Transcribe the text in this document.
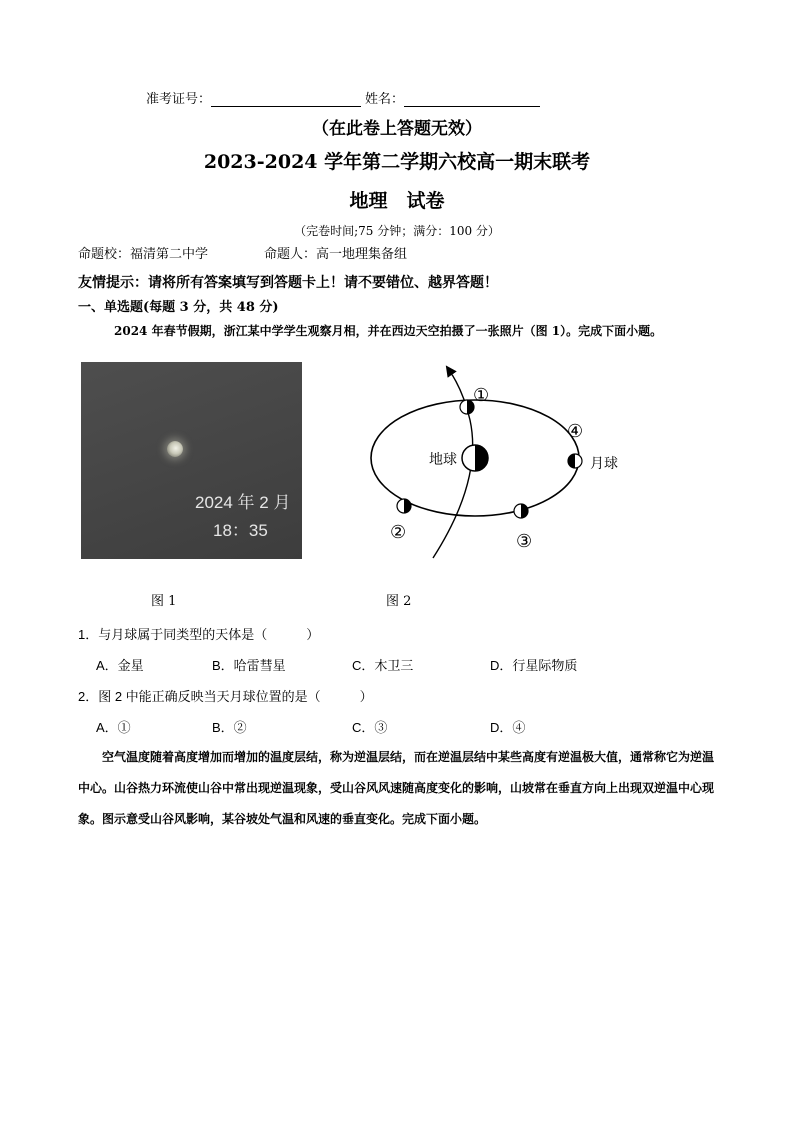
准考证号：	姓名：
（在此卷上答题无效）
2023-2024 学年第二学期六校高一期末联考
地理　试卷
（完卷时间;75 分钟；满分：100 分）
命题校：福清第二中学	命题人：高一地理集备组
友情提示：请将所有答案填写到答题卡上！请不要错位、越界答题！
一、单选题(每题 3 分，共 48 分)
2024 年春节假期，浙江某中学学生观察月相，并在西边天空拍摄了一张照片（图 1）。完成下面小题。
2024 年 2 月
18：35
图 1
地球	月球
①
④
②	③
图 2
1．与月球属于同类型的天体是（　　　）
A．金星	B．哈雷彗星	C．木卫三	D．行星际物质
2．图 2 中能正确反映当天月球位置的是（　　　）
A．①	B．②	C．③	D．④
空气温度随着高度增加而增加的温度层结，称为逆温层结，而在逆温层结中某些高度有逆温极大值，通常称它为逆温中心。山谷热力环流使山谷中常出现逆温现象，受山谷风风速随高度变化的影响，山坡常在垂直方向上出现双逆温中心现象。图示意受山谷风影响，某谷坡处气温和风速的垂直变化。完成下面小题。
